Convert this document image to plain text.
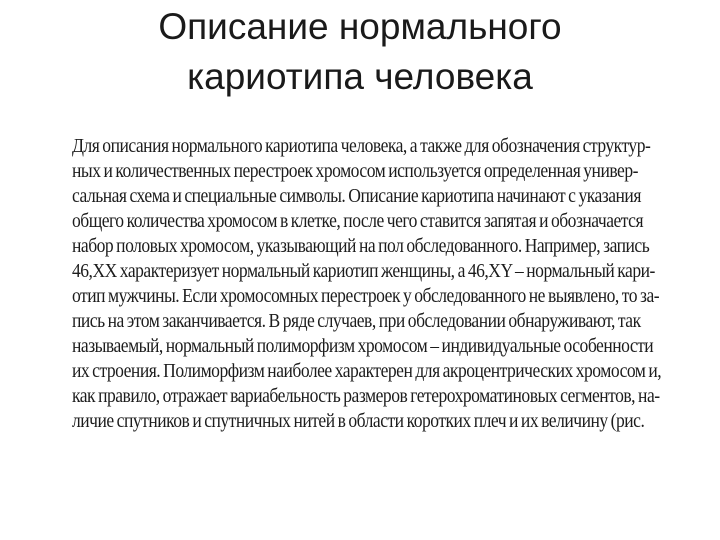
Описание нормального
кариотипа человека
Для описания нормального кариотипа человека, а также для обозначения структур-
ных и количественных перестроек хромосом используется определенная универ-
сальная схема и специальные символы. Описание кариотипа начинают с указания
общего количества хромосом в клетке, после чего ставится запятая и обозначается
набор половых хромосом, указывающий на пол обследованного. Например, запись
46,XX характеризует нормальный кариотип женщины, а 46,XY – нормальный кари-
отип мужчины. Если хромосомных перестроек у обследованного не выявлено, то за-
пись на этом заканчивается. В ряде случаев, при обследовании обнаруживают, так
называемый, нормальный полиморфизм хромосом – индивидуальные особенности
их строения. Полиморфизм наиболее характерен для акроцентрических хромосом и,
как правило, отражает вариабельность размеров гетерохроматиновых сегментов, на-
личие спутников и спутничных нитей в области коротких плеч и их величину (рис.
